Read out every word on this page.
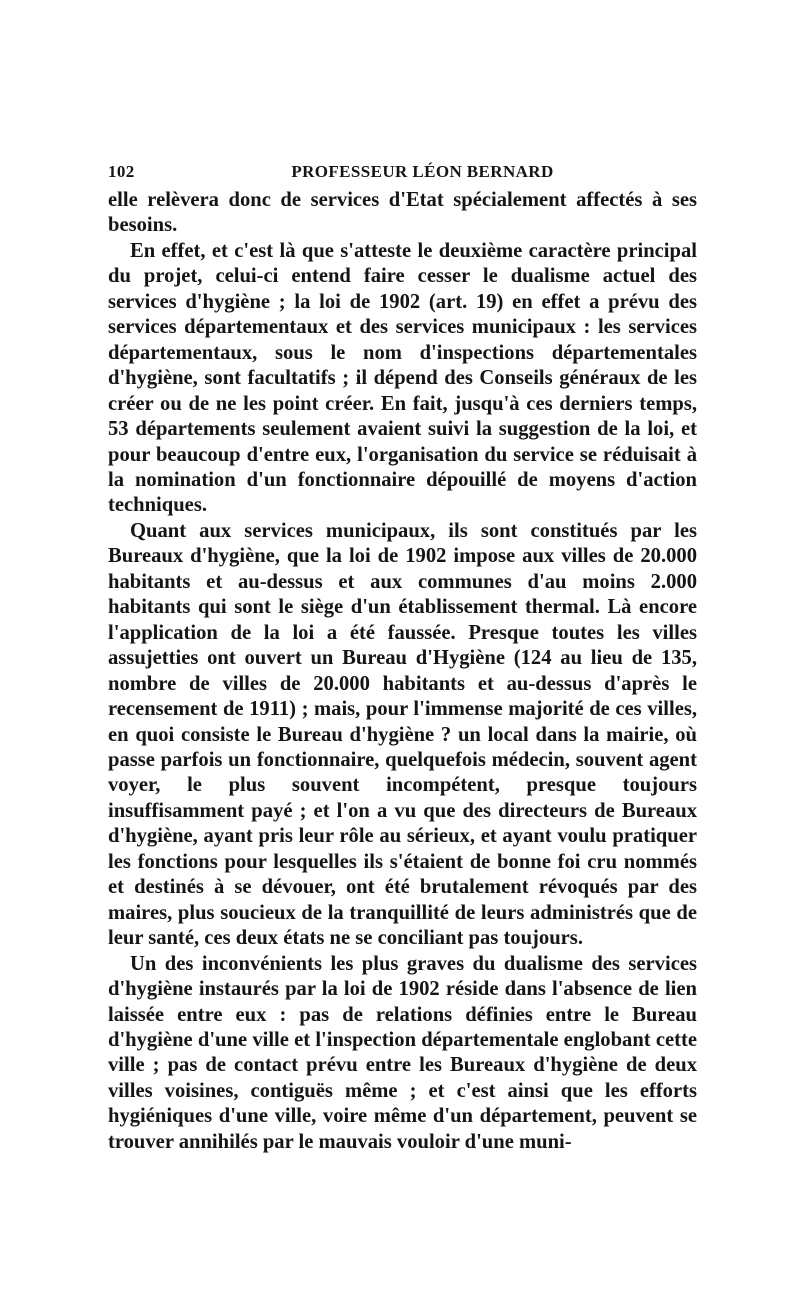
102	PROFESSEUR LÉON BERNARD

elle relèvera donc de services d'Etat spécialement affectés à ses besoins.

En effet, et c'est là que s'atteste le deuxième caractère principal du projet, celui-ci entend faire cesser le dualisme actuel des services d'hygiène ; la loi de 1902 (art. 19) en effet a prévu des services départementaux et des services municipaux : les services départementaux, sous le nom d'inspections départementales d'hygiène, sont facultatifs ; il dépend des Conseils généraux de les créer ou de ne les point créer. En fait, jusqu'à ces derniers temps, 53 départements seulement avaient suivi la suggestion de la loi, et pour beaucoup d'entre eux, l'organisation du service se réduisait à la nomination d'un fonctionnaire dépouillé de moyens d'action techniques.

Quant aux services municipaux, ils sont constitués par les Bureaux d'hygiène, que la loi de 1902 impose aux villes de 20.000 habitants et au-dessus et aux communes d'au moins 2.000 habitants qui sont le siège d'un établissement thermal. Là encore l'application de la loi a été faussée. Presque toutes les villes assujetties ont ouvert un Bureau d'Hygiène (124 au lieu de 135, nombre de villes de 20.000 habitants et au-dessus d'après le recensement de 1911) ; mais, pour l'immense majorité de ces villes, en quoi consiste le Bureau d'hygiène ? un local dans la mairie, où passe parfois un fonctionnaire, quelquefois médecin, souvent agent voyer, le plus souvent incompétent, presque toujours insuffisamment payé ; et l'on a vu que des directeurs de Bureaux d'hygiène, ayant pris leur rôle au sérieux, et ayant voulu pratiquer les fonctions pour lesquelles ils s'étaient de bonne foi cru nommés et destinés à se dévouer, ont été brutalement révoqués par des maires, plus soucieux de la tranquillité de leurs administrés que de leur santé, ces deux états ne se conciliant pas toujours.

Un des inconvénients les plus graves du dualisme des services d'hygiène instaurés par la loi de 1902 réside dans l'absence de lien laissée entre eux : pas de relations définies entre le Bureau d'hygiène d'une ville et l'inspection départementale englobant cette ville ; pas de contact prévu entre les Bureaux d'hygiène de deux villes voisines, contiguës même ; et c'est ainsi que les efforts hygiéniques d'une ville, voire même d'un département, peuvent se trouver annihilés par le mauvais vouloir d'une muni-
